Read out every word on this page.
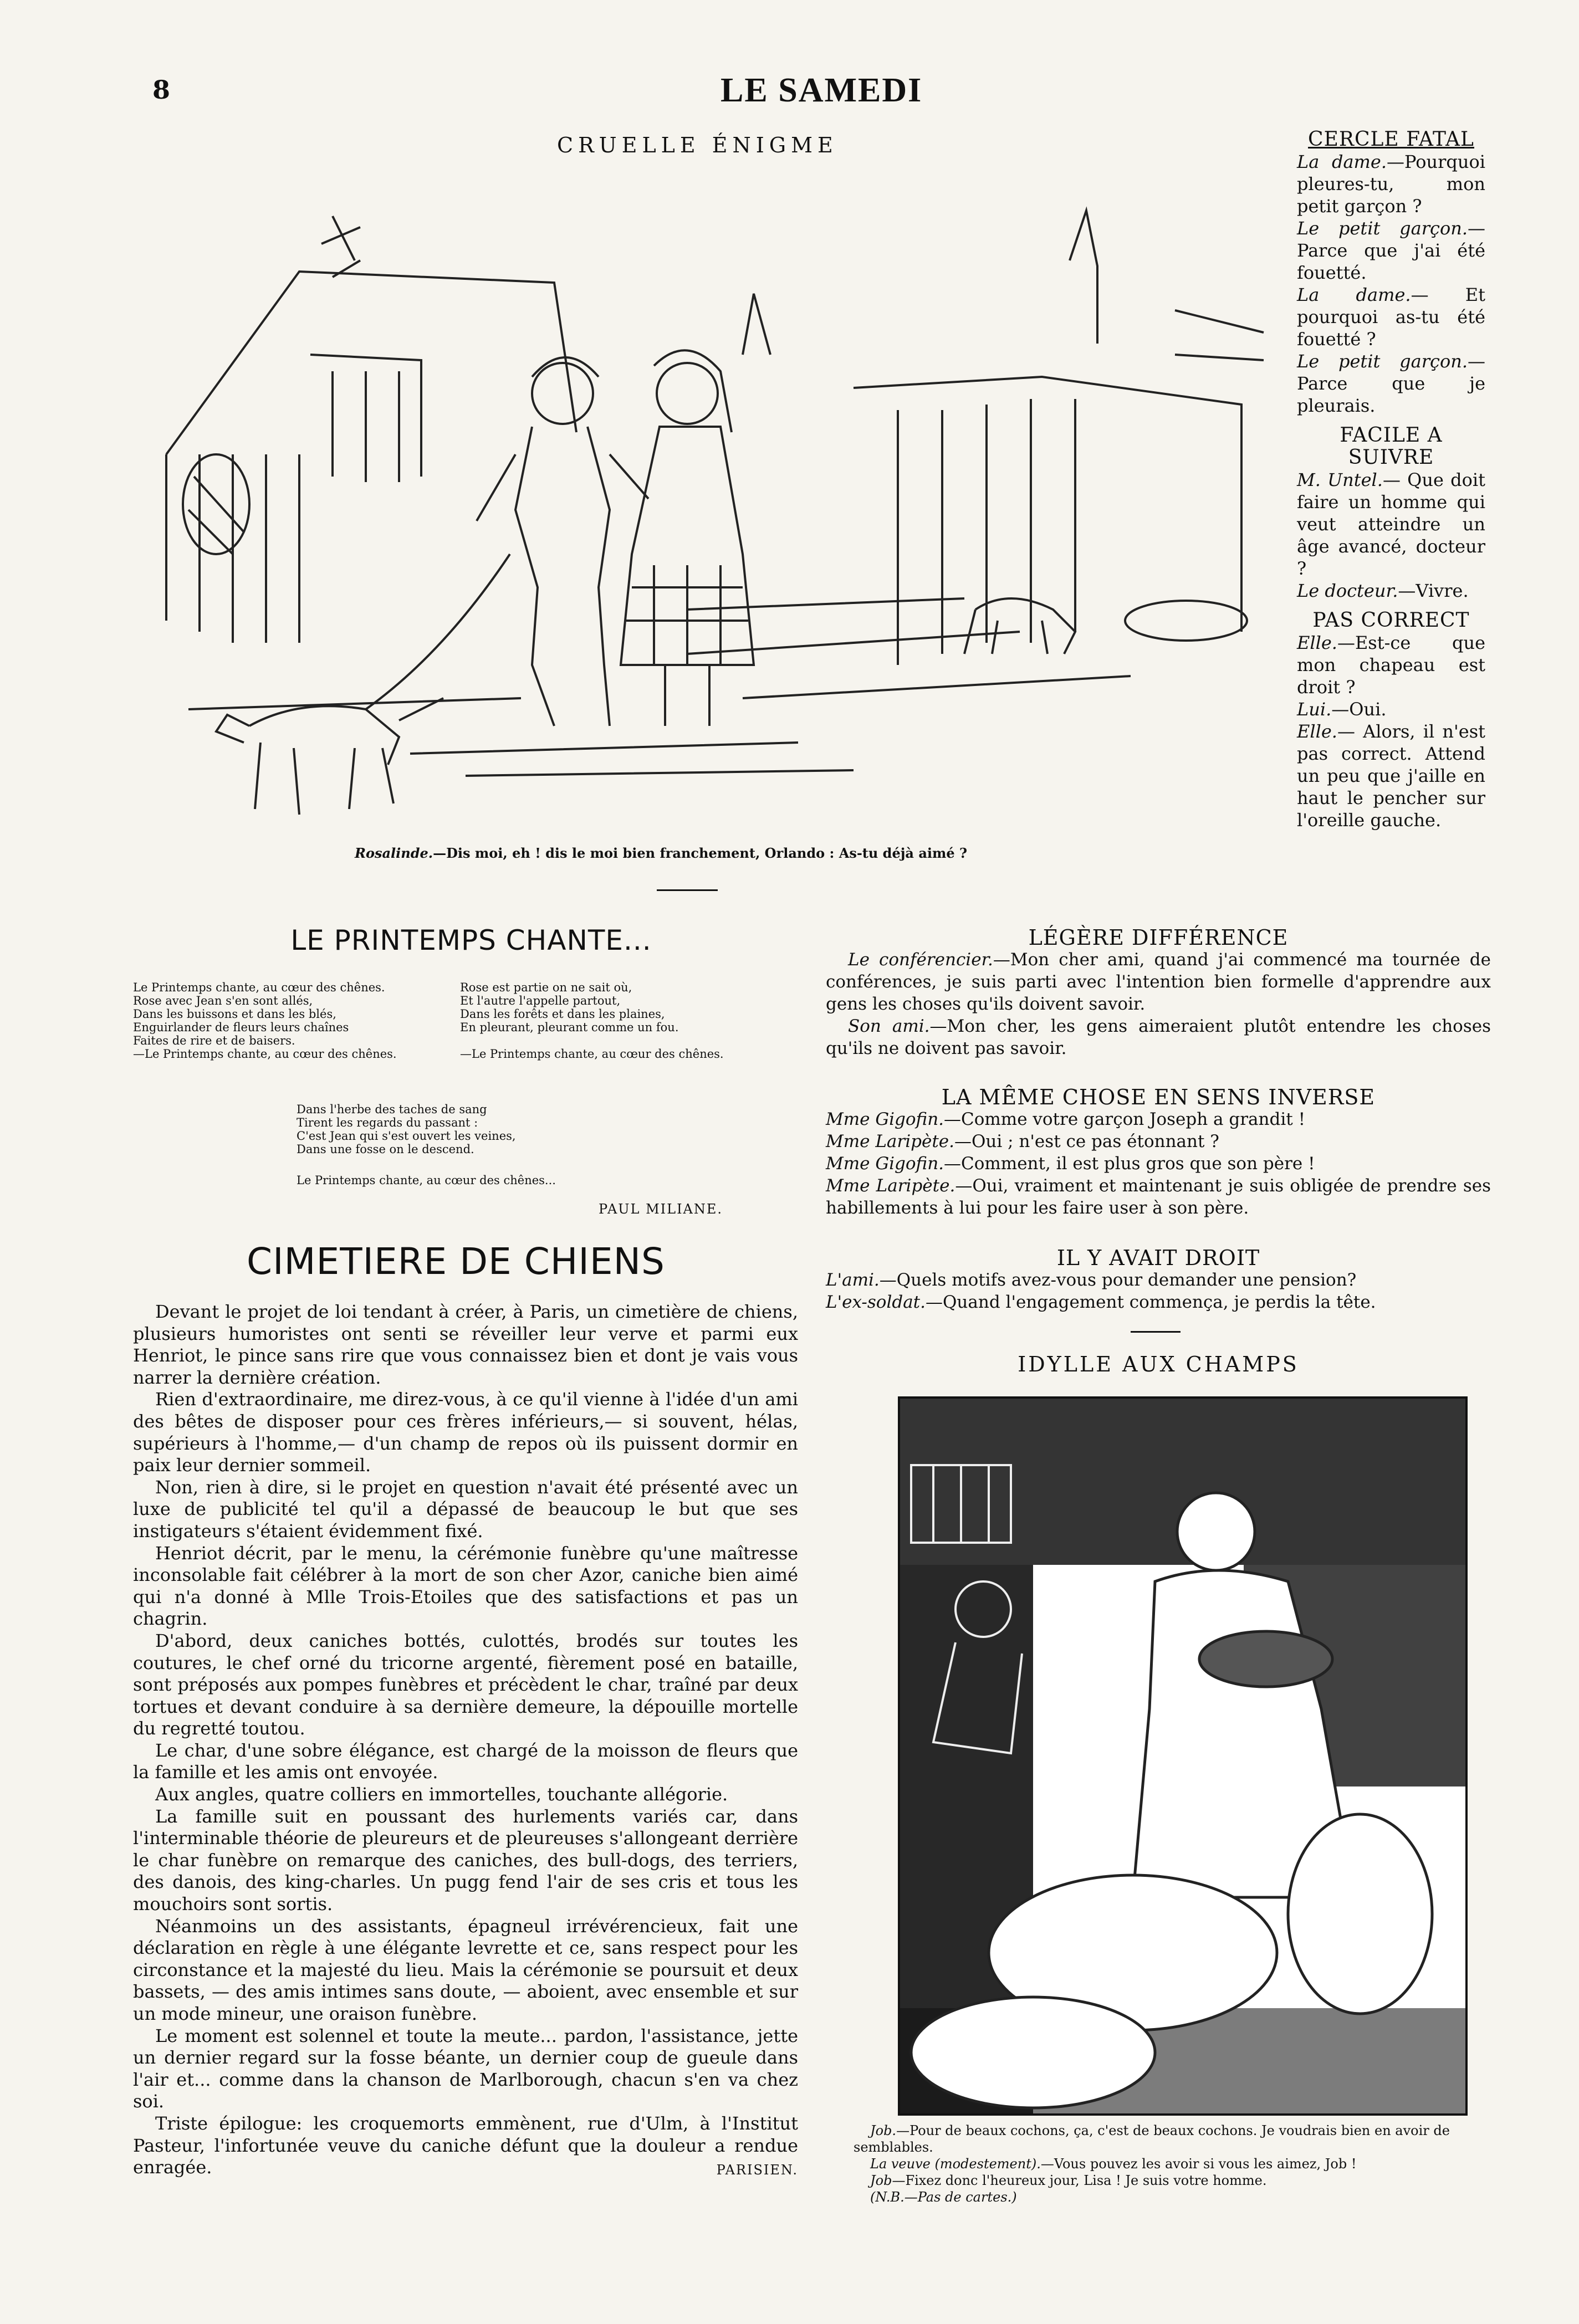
8	LE SAMEDI
CRUELLE ÉNIGME
Rosalinde.—Dis moi, eh ! dis le moi bien franchement, Orlando : As-tu déjà aimé ?
CERCLE FATAL

La dame.—Pourquoi pleures-tu, mon petit garçon ?

Le petit garçon.—Parce que j'ai été fouetté.

La dame.— Et pourquoi as-tu été fouetté ?

Le petit garçon.— Parce que je pleurais.

FACILE A SUIVRE

M. Untel.— Que doit faire un homme qui veut atteindre un âge avancé, docteur ?

Le docteur.—Vivre.

PAS CORRECT

Elle.—Est-ce que mon chapeau est droit ?

Lui.—Oui.

Elle.— Alors, il n'est pas correct. Attend un peu que j'aille en haut le pencher sur l'oreille gauche.

LE PRINTEMPS CHANTE...
Le Printemps chante, au cœur des chênes.
Rose avec Jean s'en sont allés,
Dans les buissons et dans les blés,
Enguirlander de fleurs leurs chaînes
Faites de rire et de baisers.
—Le Printemps chante, au cœur des chênes.
Rose est partie on ne sait où,
Et l'autre l'appelle partout,
Dans les forêts et dans les plaines,
En pleurant, pleurant comme un fou.
—Le Printemps chante, au cœur des chênes.
Dans l'herbe des taches de sang
Tirent les regards du passant :
C'est Jean qui s'est ouvert les veines,
Dans une fosse on le descend.
Le Printemps chante, au cœur des chênes...
PAUL MILIANE.
CIMETIERE DE CHIENS

Devant le projet de loi tendant à créer, à Paris, un cimetière de chiens, plusieurs humoristes ont senti se réveiller leur verve et parmi eux Henriot, le pince sans rire que vous connaissez bien et dont je vais vous narrer la dernière création.

Rien d'extraordinaire, me direz-vous, à ce qu'il vienne à l'idée d'un ami des bêtes de disposer pour ces frères inférieurs,— si souvent, hélas, supérieurs à l'homme,— d'un champ de repos où ils puissent dormir en paix leur dernier sommeil.

Non, rien à dire, si le projet en question n'avait été présenté avec un luxe de publicité tel qu'il a dépassé de beaucoup le but que ses instigateurs s'étaient évidemment fixé.

Henriot décrit, par le menu, la cérémonie funèbre qu'une maîtresse inconsolable fait célébrer à la mort de son cher Azor, caniche bien aimé qui n'a donné à Mlle Trois-Etoiles que des satisfactions et pas un chagrin.

D'abord, deux caniches bottés, culottés, brodés sur toutes les coutures, le chef orné du tricorne argenté, fièrement posé en bataille, sont préposés aux pompes funèbres et précèdent le char, traîné par deux tortues et devant conduire à sa dernière demeure, la dépouille mortelle du regretté toutou.

Le char, d'une sobre élégance, est chargé de la moisson de fleurs que la famille et les amis ont envoyée.

Aux angles, quatre colliers en immortelles, touchante allégorie.

La famille suit en poussant des hurlements variés car, dans l'interminable théorie de pleureurs et de pleureuses s'allongeant derrière le char funèbre on remarque des caniches, des bull-dogs, des terriers, des danois, des king-charles. Un pugg fend l'air de ses cris et tous les mouchoirs sont sortis.

Néanmoins un des assistants, épagneul irrévérencieux, fait une déclaration en règle à une élégante levrette et ce, sans respect pour les circonstance et la majesté du lieu. Mais la cérémonie se poursuit et deux bassets, — des amis intimes sans doute, — aboient, avec ensemble et sur un mode mineur, une oraison funèbre.

Le moment est solennel et toute la meute... pardon, l'assistance, jette un dernier regard sur la fosse béante, un dernier coup de gueule dans l'air et... comme dans la chanson de Marlborough, chacun s'en va chez soi.

Triste épilogue: les croquemorts emmènent, rue d'Ulm, à l'Institut Pasteur, l'infortunée veuve du caniche défunt que la douleur a rendue enragée.	PARISIEN.
LÉGÈRE DIFFÉRENCE

Le conférencier.—Mon cher ami, quand j'ai commencé ma tournée de conférences, je suis parti avec l'intention bien formelle d'apprendre aux gens les choses qu'ils doivent savoir.

Son ami.—Mon cher, les gens aimeraient plutôt entendre les choses qu'ils ne doivent pas savoir.

LA MÊME CHOSE EN SENS INVERSE

Mme Gigofin.—Comme votre garçon Joseph a grandit !

Mme Laripète.—Oui ; n'est ce pas étonnant ?

Mme Gigofin.—Comment, il est plus gros que son père !

Mme Laripète.—Oui, vraiment et maintenant je suis obligée de prendre ses habillements à lui pour les faire user à son père.

IL Y AVAIT DROIT

L'ami.—Quels motifs avez-vous pour demander une pension?

L'ex-soldat.—Quand l'engagement commença, je perdis la tête.

IDYLLE AUX CHAMPS

Job.—Pour de beaux cochons, ça, c'est de beaux cochons. Je voudrais bien en avoir de semblables.

La veuve (modestement).—Vous pouvez les avoir si vous les aimez, Job !

Job—Fixez donc l'heureux jour, Lisa ! Je suis votre homme.

(N.B.—Pas de cartes.)
